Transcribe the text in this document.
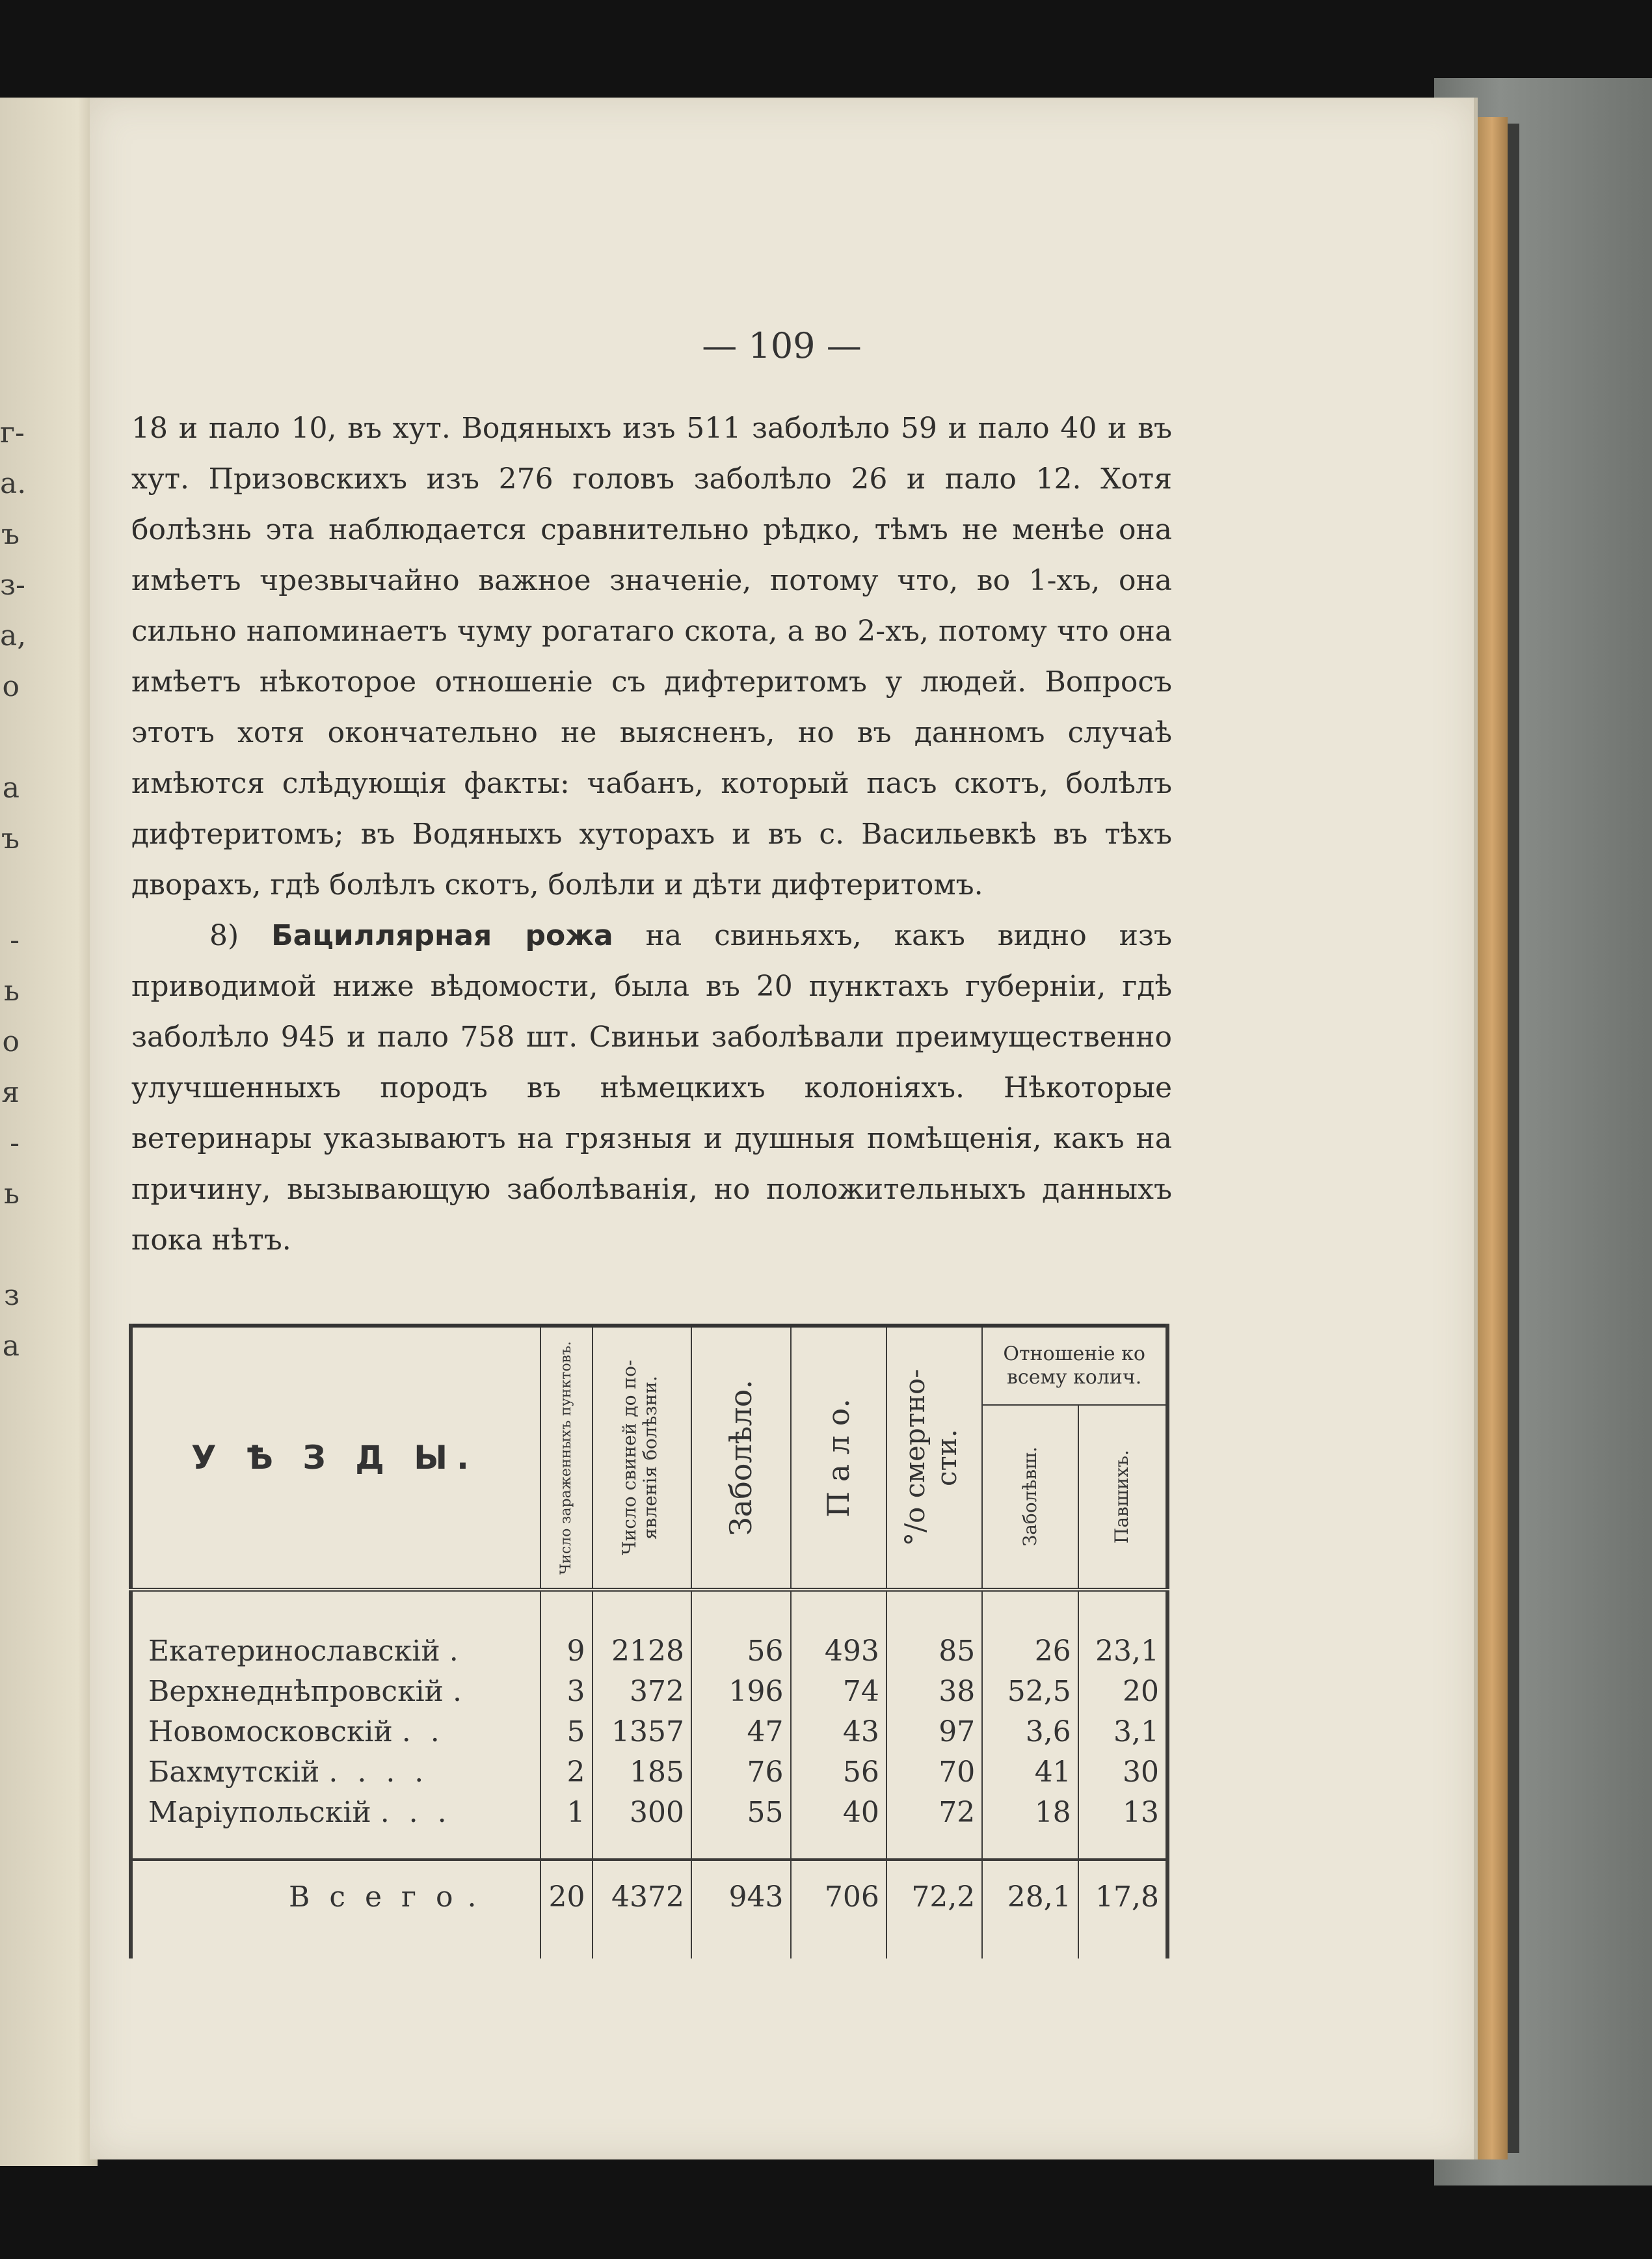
г-
а.
ъ
з-
а,
о
а
ъ
-
ь
о
я
-
ь
з
а
— 109 —

18 и пало 10, въ хут. Водяныхъ изъ 511 заболѣло 59 и пало 40 и въ хут. Призовскихъ изъ 276 головъ заболѣло 26 и пало 12. Хотя болѣзнь эта наблюдается сравнительно рѣдко, тѣмъ не менѣе она имѣетъ чрезвычайно важное значеніе, потому что, во 1-хъ, она сильно напоминаетъ чуму рогатаго скота, а во 2-хъ, потому что она имѣетъ нѣкоторое отношеніе съ дифтеритомъ у людей. Вопросъ этотъ хотя окончательно не выясненъ, но въ данномъ случаѣ имѣются слѣдующія факты: чабанъ, который пасъ скотъ, болѣлъ дифтеритомъ; въ Водяныхъ хуторахъ и въ с. Васильевкѣ въ тѣхъ дворахъ, гдѣ болѣлъ скотъ, болѣли и дѣти дифтеритомъ.

8) Бациллярная рожа на свиньяхъ, какъ видно изъ приводимой ниже вѣдомости, была въ 20 пунктахъ губерніи, гдѣ заболѣло 945 и пало 758 шт. Свиньи заболѣвали преимущественно улучшенныхъ породъ въ нѣмецкихъ колоніяхъ. Нѣкоторые ветеринары указываютъ на грязныя и душныя помѣщенія, какъ на причину, вызывающую заболѣванія, но положительныхъ данныхъ пока нѣтъ.

У Ѣ З Д Ы.	Число зараженныхъ пунктовъ.	Число свиней до по- явленія болѣзни.	Заболѣло.	П а л о.	°/о смертно- сти.	Отношеніе ко всему колич.	

						Заболѣвш.	Павшихъ.

Екатеринославскій .	9	2128	56	493	85	26	23,1
Верхнеднѣпровскій .	3	372	196	74	38	52,5	20
Новомосковскій . .	5	1357	47	43	97	3,6	3,1
Бахмутскій . . . .	2	185	76	56	70	41	30
Маріупольскій . . .	1	300	55	40	72	18	13
В с е г о .	20	4372	943	706	72,2	28,1	17,8
